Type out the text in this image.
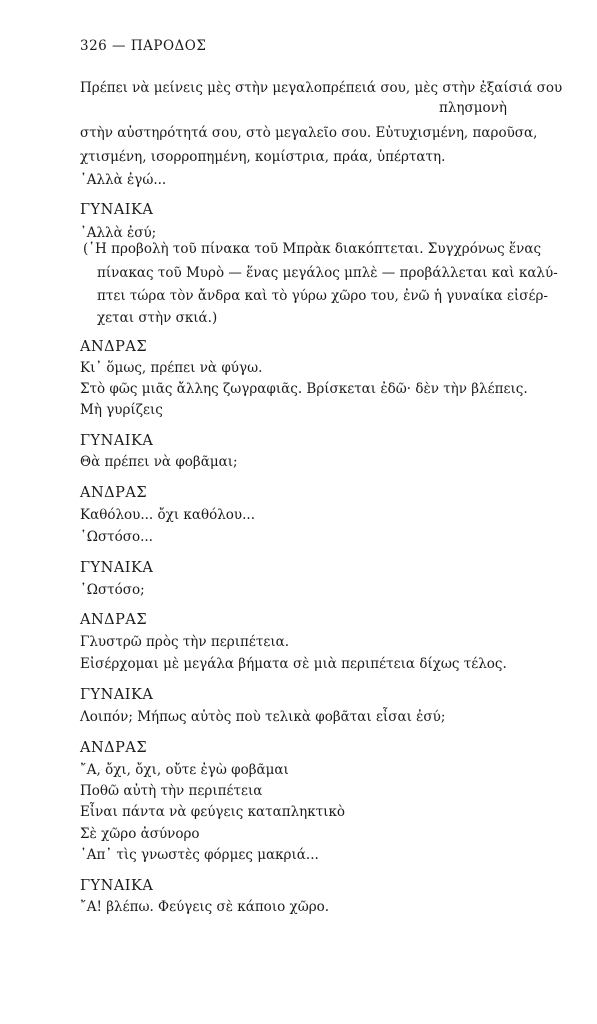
326 — ΠΑΡΟΔΟΣ
Πρέπει νὰ μείνεις μὲς στὴν μεγαλοπρέπειά σου, μὲς στὴν ἐξαίσιά σου
πλησμονὴ
στὴν αὐστηρότητά σου, στὸ μεγαλεῖο σου. Εὐτυχισμένη, παροῦσα,
χτισμένη, ισορροπημένη, κομίστρια, πράα, ὑπέρτατη.
᾽Αλλὰ ἐγώ...
ΓΥΝΑΙΚΑ
᾽Αλλὰ ἐσύ;
(῾Η προβολὴ τοῦ πίνακα τοῦ Μπρὰκ διακόπτεται. Συγχρόνως ἕνας
πίνακας τοῦ Μυρὸ — ἕνας μεγάλος μπλὲ — προβάλλεται καὶ καλύ-
πτει τώρα τὸν ἄνδρα καὶ τὸ γύρω χῶρο του, ἐνῶ ἡ γυναίκα εἰσέρ-
χεται στὴν σκιά.)
ΑΝΔΡΑΣ
Κι᾽ ὅμως, πρέπει νὰ φύγω.
Στὸ φῶς μιᾶς ἄλλης ζωγραφιᾶς. Βρίσκεται ἐδῶ· δὲν τὴν βλέπεις.
Μὴ γυρίζεις
ΓΥΝΑΙΚΑ
Θὰ πρέπει νὰ φοβᾶμαι;
ΑΝΔΡΑΣ
Καθόλου... ὄχι καθόλου...
῾Ωστόσο...
ΓΥΝΑΙΚΑ
῾Ωστόσο;
ΑΝΔΡΑΣ
Γλυστρῶ πρὸς τὴν περιπέτεια.
Εἰσέρχομαι μὲ μεγάλα βήματα σὲ μιὰ περιπέτεια δίχως τέλος.
ΓΥΝΑΙΚΑ
Λοιπόν; Μήπως αὐτὸς ποὺ τελικὰ φοβᾶται εἶσαι ἐσύ;
ΑΝΔΡΑΣ
῎Α, ὄχι, ὄχι, οὔτε ἐγὼ φοβᾶμαι
Ποθῶ αὐτὴ τὴν περιπέτεια
Εἶναι πάντα νὰ φεύγεις καταπληκτικὸ
Σὲ χῶρο ἀσύνορο
᾽Απ᾽ τὶς γνωστὲς φόρμες μακριά...
ΓΥΝΑΙΚΑ
῎Α! βλέπω. Φεύγεις σὲ κάποιο χῶρο.
